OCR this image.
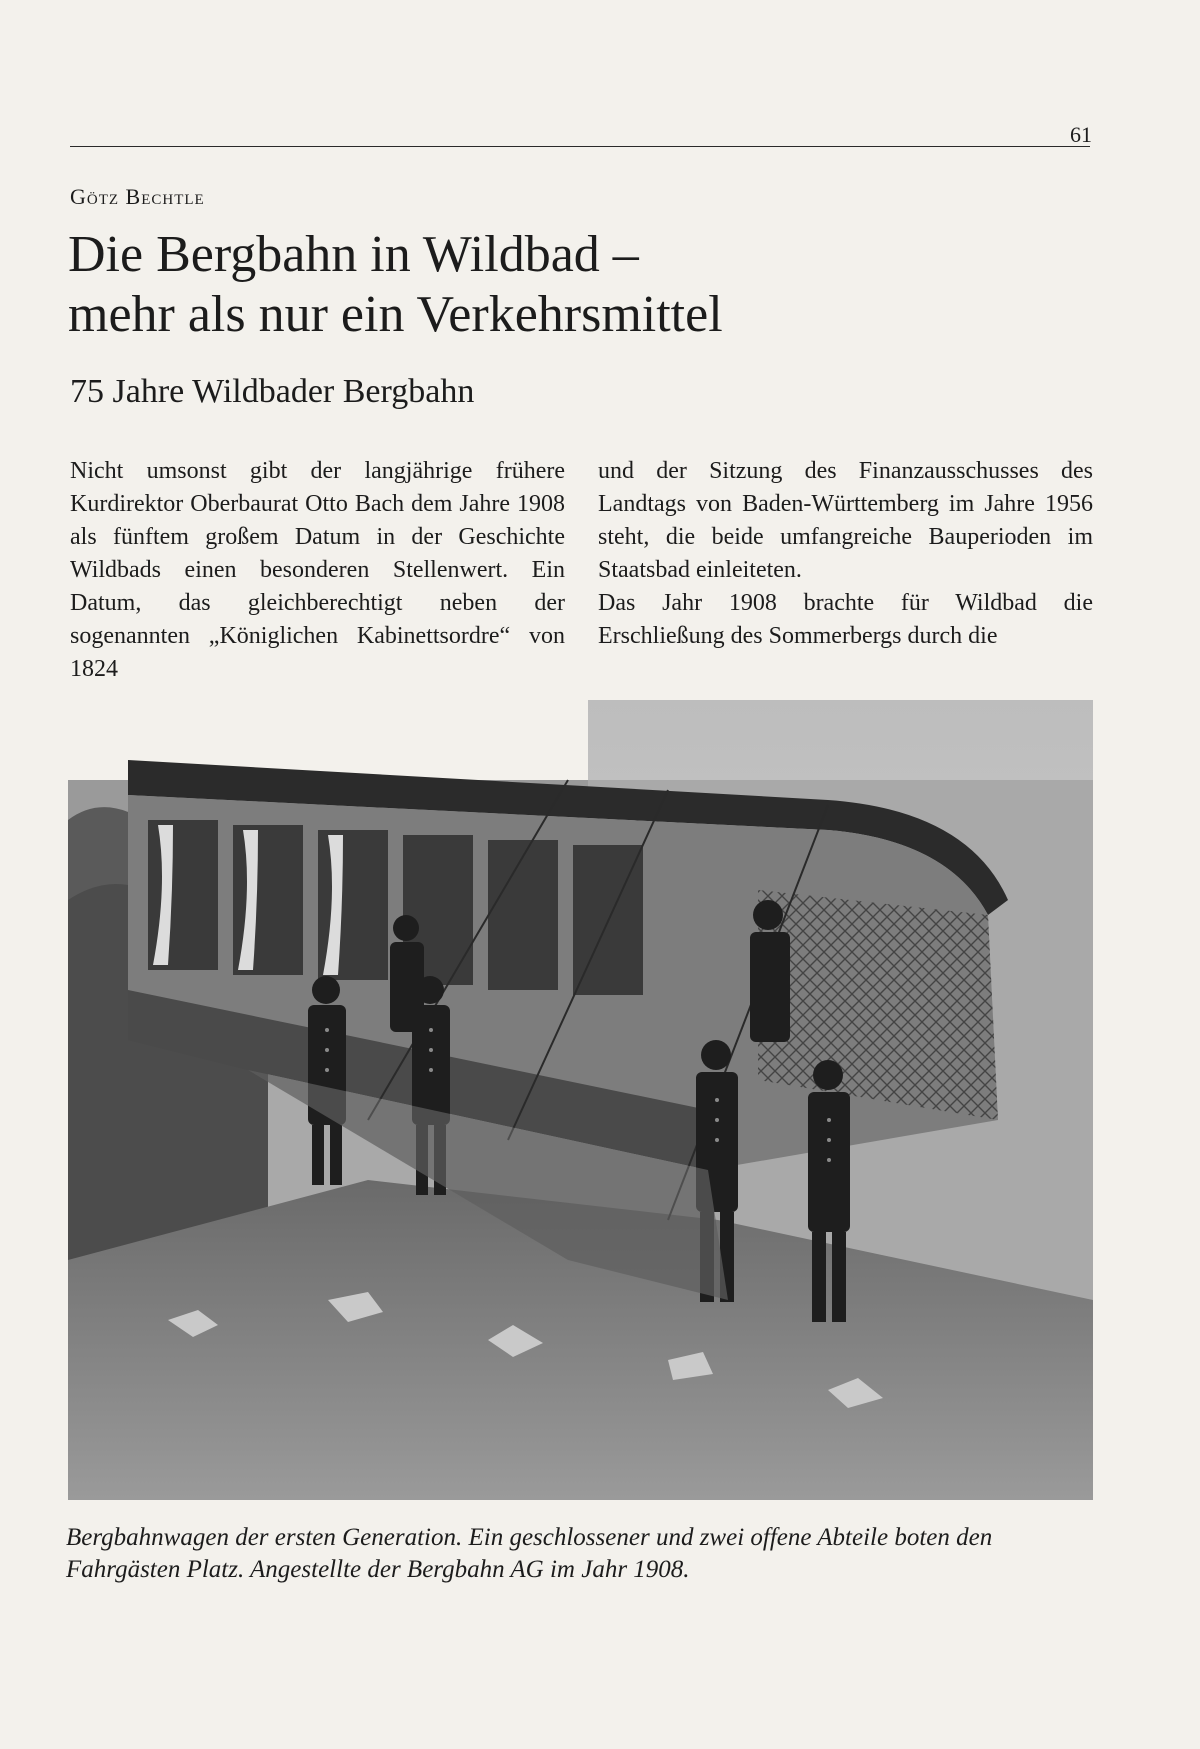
61
Götz Bechtle
Die Bergbahn in Wildbad –
mehr als nur ein Verkehrsmittel
75 Jahre Wildbader Bergbahn

Nicht umsonst gibt der langjährige frühere Kurdirektor Oberbaurat Otto Bach dem Jahre 1908 als fünftem großem Datum in der Geschichte Wildbads einen besonderen Stellenwert. Ein Datum, das gleichberechtigt neben der sogenannten „Königlichen Kabinettsordre“ von 1824

und der Sitzung des Finanzausschusses des Landtags von Baden-Württemberg im Jahre 1956 steht, die beide umfangreiche Bauperioden im Staatsbad einleiteten.

Das Jahr 1908 brachte für Wildbad die Erschließung des Sommerbergs durch die

Bergbahnwagen der ersten Generation. Ein geschlossener und zwei offene Abteile boten den Fahrgästen Platz. Angestellte der Bergbahn AG im Jahr 1908.
